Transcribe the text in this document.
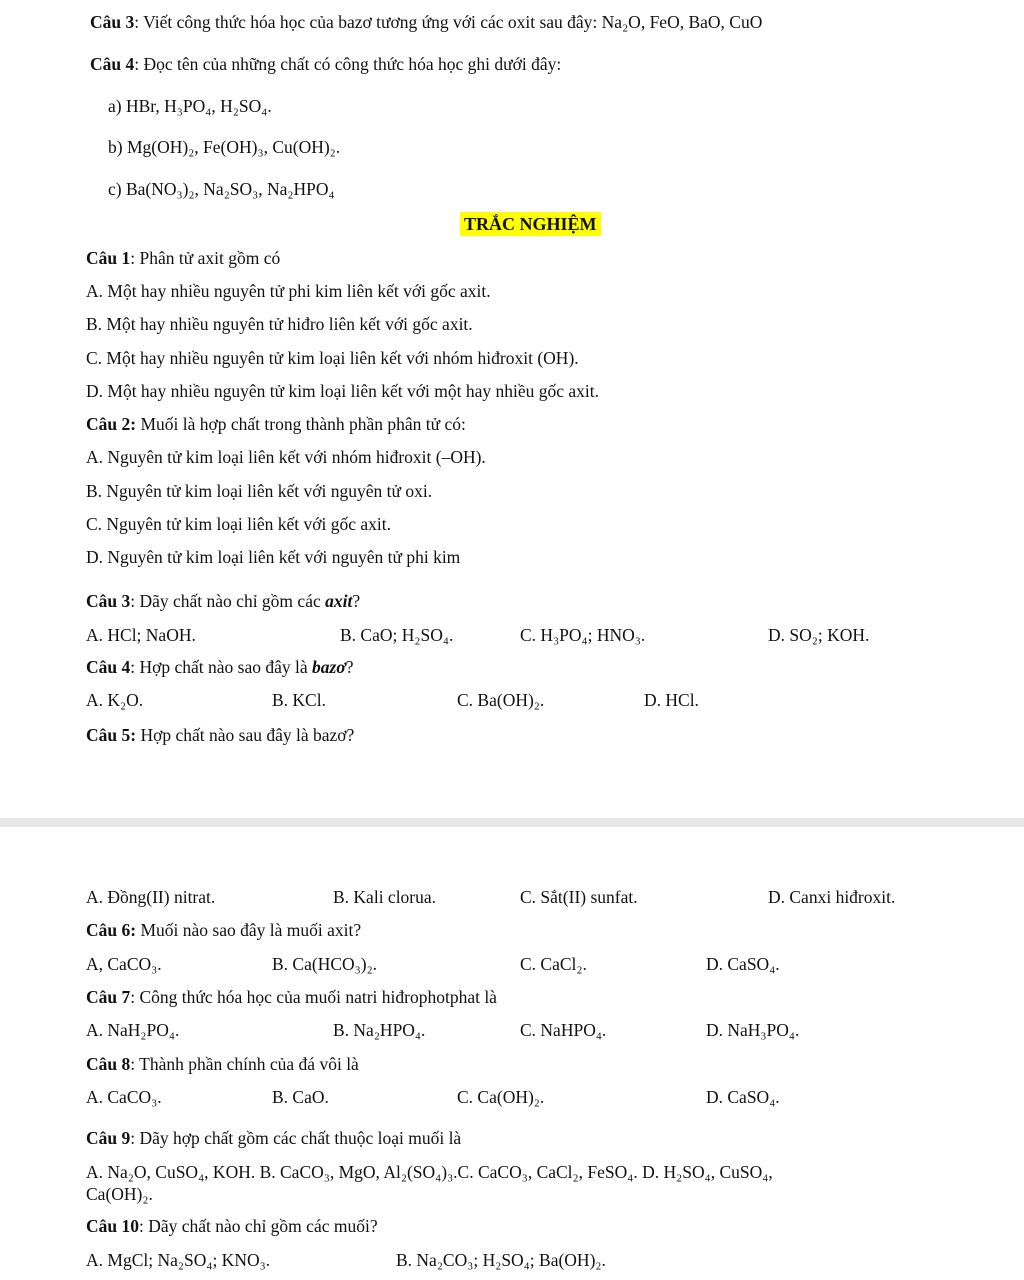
Câu 3: Viết công thức hóa học của bazơ tương ứng với các oxit sau đây: Na₂O, FeO, BaO, CuO
Câu 4: Đọc tên của những chất có công thức hóa học ghi dưới đây:
a) HBr, H₃PO₄, H₂SO₄.
b) Mg(OH)₂, Fe(OH)₃, Cu(OH)₂.
c) Ba(NO₃)₂, Na₂SO₃, Na₂HPO₄
TRẮC NGHIỆM
Câu 1: Phân tử axit gồm có
A. Một hay nhiều nguyên tử phi kim liên kết với gốc axit.
B. Một hay nhiều nguyên tử hiđro liên kết với gốc axit.
C. Một hay nhiều nguyên tử kim loại liên kết với nhóm hiđroxit (OH).
D. Một hay nhiều nguyên tử kim loại liên kết với một hay nhiều gốc axit.
Câu 2: Muối là hợp chất trong thành phần phân tử có:
A. Nguyên tử kim loại liên kết với nhóm hiđroxit (–OH).
B. Nguyên tử kim loại liên kết với nguyên tử oxi.
C. Nguyên tử kim loại liên kết với gốc axit.
D. Nguyên tử kim loại liên kết với nguyên tử phi kim
Câu 3: Dãy chất nào chỉ gồm các axit?
A. HCl; NaOH.	B. CaO; H₂SO₄.	C. H₃PO₄; HNO₃.	D. SO₂; KOH.
Câu 4: Hợp chất nào sao đây là bazơ?
A. K₂O.	B. KCl.	C. Ba(OH)₂.	D. HCl.
Câu 5: Hợp chất nào sau đây là bazơ?
A. Đồng(II) nitrat.	B. Kali clorua.	C. Sắt(II) sunfat.	D. Canxi hiđroxit.
Câu 6: Muối nào sao đây là muối axit?
A, CaCO₃.	B. Ca(HCO₃)₂.	C. CaCl₂.	D. CaSO₄.
Câu 7: Công thức hóa học của muối natri hiđrophotphat là
A. NaH₂PO₄.	B. Na₂HPO₄.	C. NaHPO₄.	D. NaH₃PO₄.
Câu 8: Thành phần chính của đá vôi là
A. CaCO₃.	B. CaO.	C. Ca(OH)₂.	D. CaSO₄.
Câu 9: Dãy hợp chất gồm các chất thuộc loại muối là
A. Na₂O, CuSO₄, KOH. B. CaCO₃, MgO, Al₂(SO₄)₃.C. CaCO₃, CaCl₂, FeSO₄. D. H₂SO₄, CuSO₄,
Ca(OH)₂.
Câu 10: Dãy chất nào chỉ gồm các muối?
A. MgCl; Na₂SO₄; KNO₃.	B. Na₂CO₃; H₂SO₄; Ba(OH)₂.
